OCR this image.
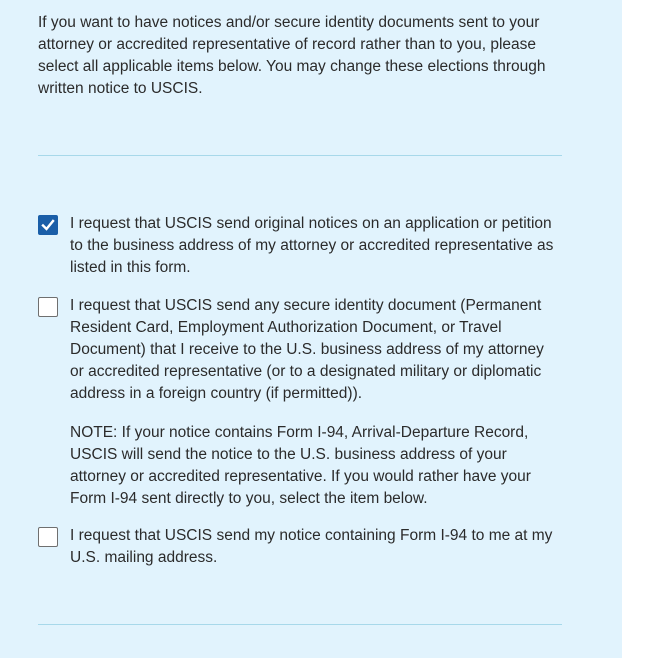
If you want to have notices and/or secure identity documents sent to your attorney or accredited representative of record rather than to you, please select all applicable items below. You may change these elections through written notice to USCIS.

I request that USCIS send original notices on an application or petition to the business address of my attorney or accredited representative as listed in this form.

I request that USCIS send any secure identity document (Permanent Resident Card, Employment Authorization Document, or Travel Document) that I receive to the U.S. business address of my attorney or accredited representative (or to a designated military or diplomatic address in a foreign country (if permitted)).

NOTE: If your notice contains Form I-94, Arrival-Departure Record, USCIS will send the notice to the U.S. business address of your attorney or accredited representative. If you would rather have your Form I-94 sent directly to you, select the item below.

I request that USCIS send my notice containing Form I-94 to me at my U.S. mailing address.
